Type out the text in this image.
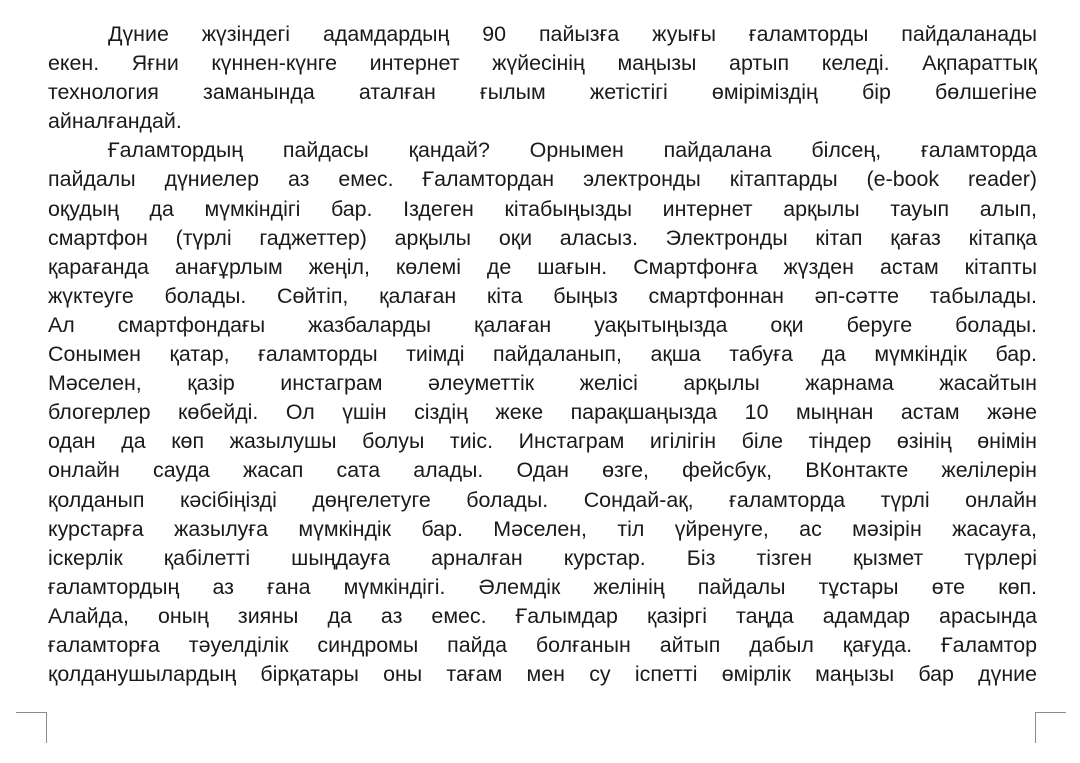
Дүние жүзіндегі адамдардың 90 пайызға жуығы ғаламторды пайдаланады
екен. Яғни күннен-күнге интернет жүйесінің маңызы артып келеді. Ақпараттық
технология заманында аталған ғылым жетістігі өміріміздің бір бөлшегіне
айналғандай.
Ғаламтордың пайдасы қандай? Орнымен пайдалана білсең, ғаламторда
пайдалы дүниелер аз емес. Ғаламтордан электронды кітаптарды (e-book reader)
оқудың да мүмкіндігі бар. Іздеген кітабыңызды интернет арқылы тауып алып,
смартфон (түрлі гаджеттер) арқылы оқи аласыз. Электронды кітап қағаз кітапқа
қарағанда анағұрлым жеңіл, көлемі де шағын. Смартфонға жүзден астам кітапты
жүктеуге болады. Сөйтіп, қалаған кіта быңыз смартфоннан әп-сәтте табылады.
Ал смартфондағы жазбаларды қалаған уақытыңызда оқи беруге болады.
Сонымен қатар, ғаламторды тиімді пайдаланып, ақша табуға да мүмкіндік бар.
Мәселен, қазір инстаграм әлеуметтік желісі арқылы жарнама жасайтын
блогерлер көбейді. Ол үшін сіздің жеке парақшаңызда 10 мыңнан астам және
одан да көп жазылушы болуы тиіс. Инстаграм игілігін біле тіндер өзінің өнімін
онлайн сауда жасап сата алады. Одан өзге, фейсбук, ВКонтакте желілерін
қолданып кәсібіңізді дөңгелетуге болады. Сондай-ақ, ғаламторда түрлі онлайн
курстарға жазылуға мүмкіндік бар. Мәселен, тіл үйренуге, ас мәзірін жасауға,
іскерлік қабілетті шыңдауға арналған курстар. Біз тізген қызмет түрлері
ғаламтордың аз ғана мүмкіндігі. Әлемдік желінің пайдалы тұстары өте көп.
Алайда, оның зияны да аз емес. Ғалымдар қазіргі таңда адамдар арасында
ғаламторға тәуелділік синдромы пайда болғанын айтып дабыл қағуда. Ғаламтор
қолданушылардың бірқатары оны тағам мен су іспетті өмірлік маңызы бар дүние
